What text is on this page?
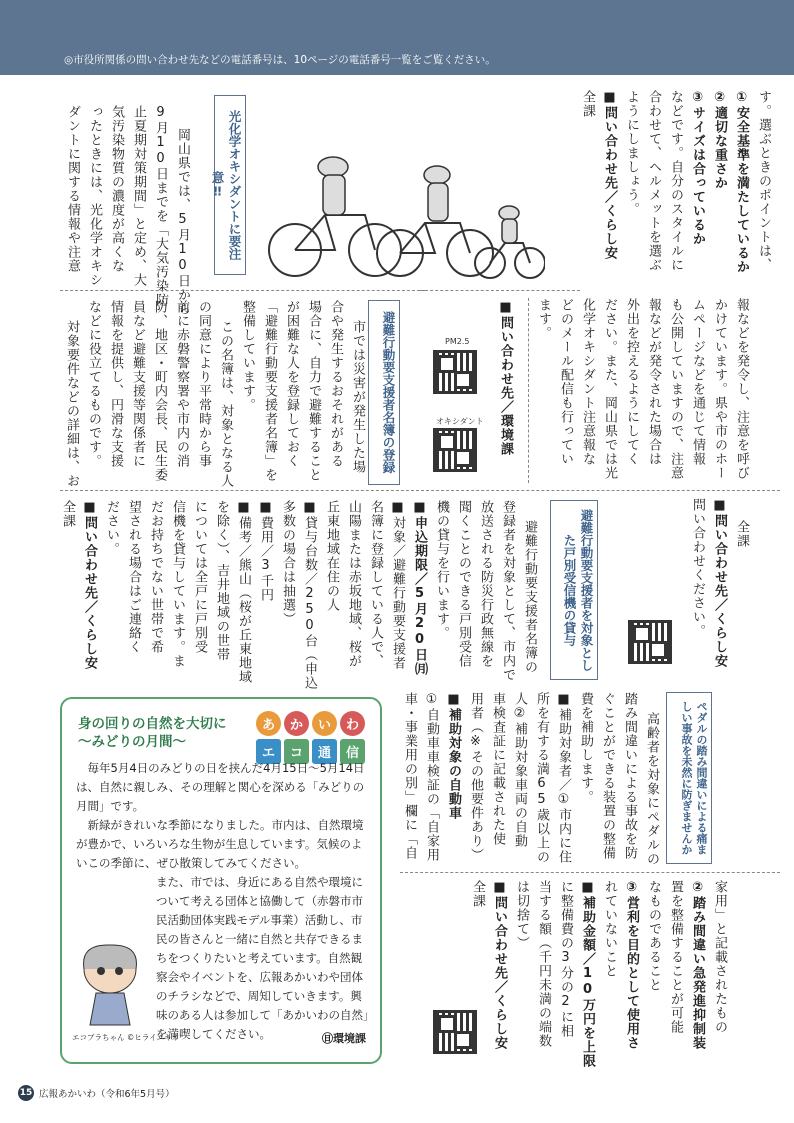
◎市役所関係の問い合わせ先などの電話番号は、10ページの電話番号一覧をご覧ください。
す。選ぶときのポイントは、
①安全基準を満たしているか
②適切な重さか
③サイズは合っているか
などです。自分のスタイルに
合わせて、ヘルメットを選ぶ
ようにしましょう。
■問い合わせ先／くらし安
全課
光化学オキシダントに要注意‼
岡山県では、5月10日から
9月10日までを「大気汚染防
止夏期対策期間」と定め、大
気汚染物質の濃度が高くな
ったときには、光化学オキシ
ダントに関する情報や注意
報などを発令し、注意を呼び
かけています。県や市のホー
ムページなどを通じて情報
も公開していますので、注意
報などが発令された場合は
外出を控えるようにしてく
ださい。また、岡山県では光
化学オキシダント注意報な
どのメール配信も行ってい
ます。
PM2.5
オキシダント	■問い合わせ先／環境課
避難行動要支援者名簿の登録
市では災害が発生した場
合や発生するおそれがある
場合に、自力で避難すること
が困難な人を登録しておく
「避難行動要支援者名簿」を
整備しています。
この名簿は、対象となる人
の同意により平常時から事
前に赤磐警察署や市内の消
防、地区・町内会長、民生委
員など避難支援等関係者に
情報を提供し、円滑な支援
などに役立てるものです。
対象要件などの詳細は、お
問い合わせください。 ■問い合わせ先／くらし安 全課
避難行動要支援者を対象とした戸別受信機の貸与
避難行動要支援者名簿の
登録者を対象として、市内で
放送される防災行政無線を
聞くことのできる戸別受信
機の貸与を行います。
■申込期限／5月20日㈪
■対象／避難行動要支援者
名簿に登録している人で、
山陽または赤坂地域、桜が
丘東地域在住の人
■貸与台数／250台（申込
多数の場合は抽選）
■費用／3千円
■備考／熊山（桜が丘東地域
を除く）、吉井地域の世帯
については全戸に戸別受
信機を貸与しています。ま
だお持ちでない世帯で希
望される場合はご連絡く
ださい。
■問い合わせ先／くらし安
全課
ペダルの踏み間違いによる痛ましい事故を未然に防ぎませんか
高齢者を対象にペダルの
踏み間違いによる事故を防
ぐことができる装置の整備
費を補助します。
■補助対象者／①市内に住
所を有する満65歳以上の
人②補助対象車両の自動
車検査証に記載された使
用者（※その他要件あり）
■補助対象の自動車
①自動車車検証の「自家用
車・事業用の別」欄に「自
家用」と記載されたもの
②踏み間違い急発進抑制装
置を整備することが可能
なものであること
③営利を目的として使用さ
れていないこと
■補助金額／10万円を上限
に整備費の3分の2に相
当する額（千円未満の端数
は切捨て）
■問い合わせ先／くらし安
全課
身の回りの自然を大切に
〜みどりの月間〜
あ	か	い	わ
エ	コ	通	信

毎年5月4日のみどりの日を挟んだ4月15日〜5月14日は、自然に親しみ、その理解と関心を深める「みどりの月間」です。

新緑がきれいな季節になりました。市内は、自然環境が豊かで、いろいろな生物が生息しています。気候のよいこの季節に、ぜひ散策してみてください。

また、市では、身近にある自然や環境について考える団体と協働して（赤磐市市民活動団体実践モデル事業）活動し、市民の皆さんと一緒に自然と共存できるまちをつくりたいと考えています。自然観察会やイベントを、広報あかいわや団体のチラシなどで、周知していきます。興味のある人は参加して「あかいわの自然」を満喫してください。

エコブラちゃん ©ヒライユキオ	㊐環境課
15 広報あかいわ（令和6年5月号）
